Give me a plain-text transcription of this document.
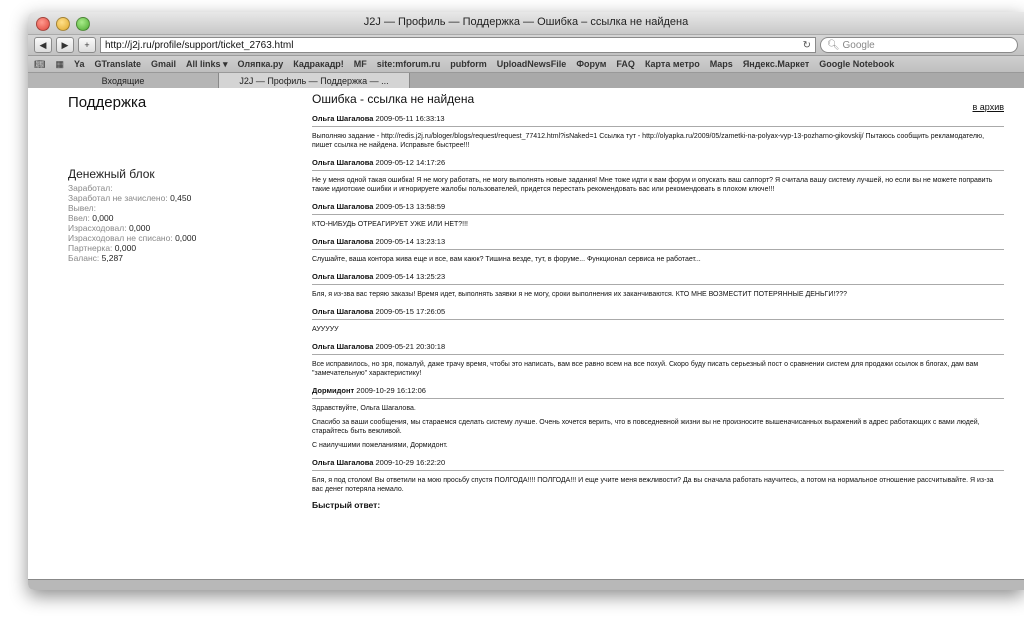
J2J — Профиль — Поддержка — Ошибка – ссылка не найдена
◀ ▶ + http://j2j.ru/profile/support/ticket_2763.html	↻ 🔍︎ Google
📖︎ ▦ Ya GTranslate Gmail All links ▾ Оляпка.ру Кадракадр! MF site:mforum.ru pubform UploadNewsFile Форум FAQ Карта метро Maps Яндекс.Маркет Google Notebook
Входящие	J2J — Профиль — Поддержка — ...
Поддержка
Денежный блок
Заработал:
Заработал не зачислено: 0,450
Вывел:
Ввел: 0,000
Израсходовал: 0,000
Израсходовал не списано: 0,000
Партнерка: 0,000
Баланс: 5,287
Ошибка - ссылка не найдена
в архив
Ольга Шагалова 2009-05-11 16:33:13

Выполняю задание - http://redis.j2j.ru/bloger/blogs/request/request_77412.html?isNaked=1 Ссылка тут - http://olyapka.ru/2009/05/zametki-na-polyax-vyp-13-pozharno-gikovskij/ Пытаюсь сообщить рекламодателю, пишет ссылка не найдена. Исправьте быстрее!!!

Ольга Шагалова 2009-05-12 14:17:26

Не у меня одной такая ошибка! Я не могу работать, не могу выполнять новые задания! Мне тоже идти к вам форум и опускать ваш саппорт? Я считала вашу систему лучшей, но если вы не можете поправить такие идиотские ошибки и игнорируете жалобы пользователей, придется перестать рекомендовать вас или рекомендовать в плохом ключе!!!

Ольга Шагалова 2009-05-13 13:58:59

КТО-НИБУДЬ ОТРЕАГИРУЕТ УЖЕ ИЛИ НЕТ?!!!

Ольга Шагалова 2009-05-14 13:23:13

Слушайте, ваша контора жива еще и все, вам каюк? Тишина везде, тут, в форуме... Функционал сервиса не работает...

Ольга Шагалова 2009-05-14 13:25:23

Бля, я из-зва вас теряю заказы! Время идет, выполнять заявки я не могу, сроки выполнения их заканчиваются. КТО МНЕ ВОЗМЕСТИТ ПОТЕРЯННЫЕ ДЕНЬГИ!???

Ольга Шагалова 2009-05-15 17:26:05

АУУУУУ

Ольга Шагалова 2009-05-21 20:30:18

Все исправилось, но зря, пожалуй, даже трачу время, чтобы это написать, вам все равно всем на все похуй. Скоро буду писать серьезный пост о сравнении систем для продажи ссылок в блогах, дам вам "замечательную" характеристику!

Дормидонт 2009-10-29 16:12:06

Здравствуйте, Ольга Шагалова.

Спасибо за ваши сообщения, мы стараемся сделать систему лучше. Очень хочется верить, что в повседневной жизни вы не произносите вышеначисанных выражений в адрес работающих с вами людей, старайтесь быть вежливой.

С наилучшими пожеланиями, Дормидонт.

Ольга Шагалова 2009-10-29 16:22:20

Бля, я под столом! Вы ответили на мою просьбу спустя ПОЛГОДА!!!! ПОЛГОДА!!! И еще учите меня вежливости? Да вы сначала работать научитесь, а потом на нормальное отношение рассчитывайте. Я из-за вас денег потеряла немало.

Быстрый ответ:
